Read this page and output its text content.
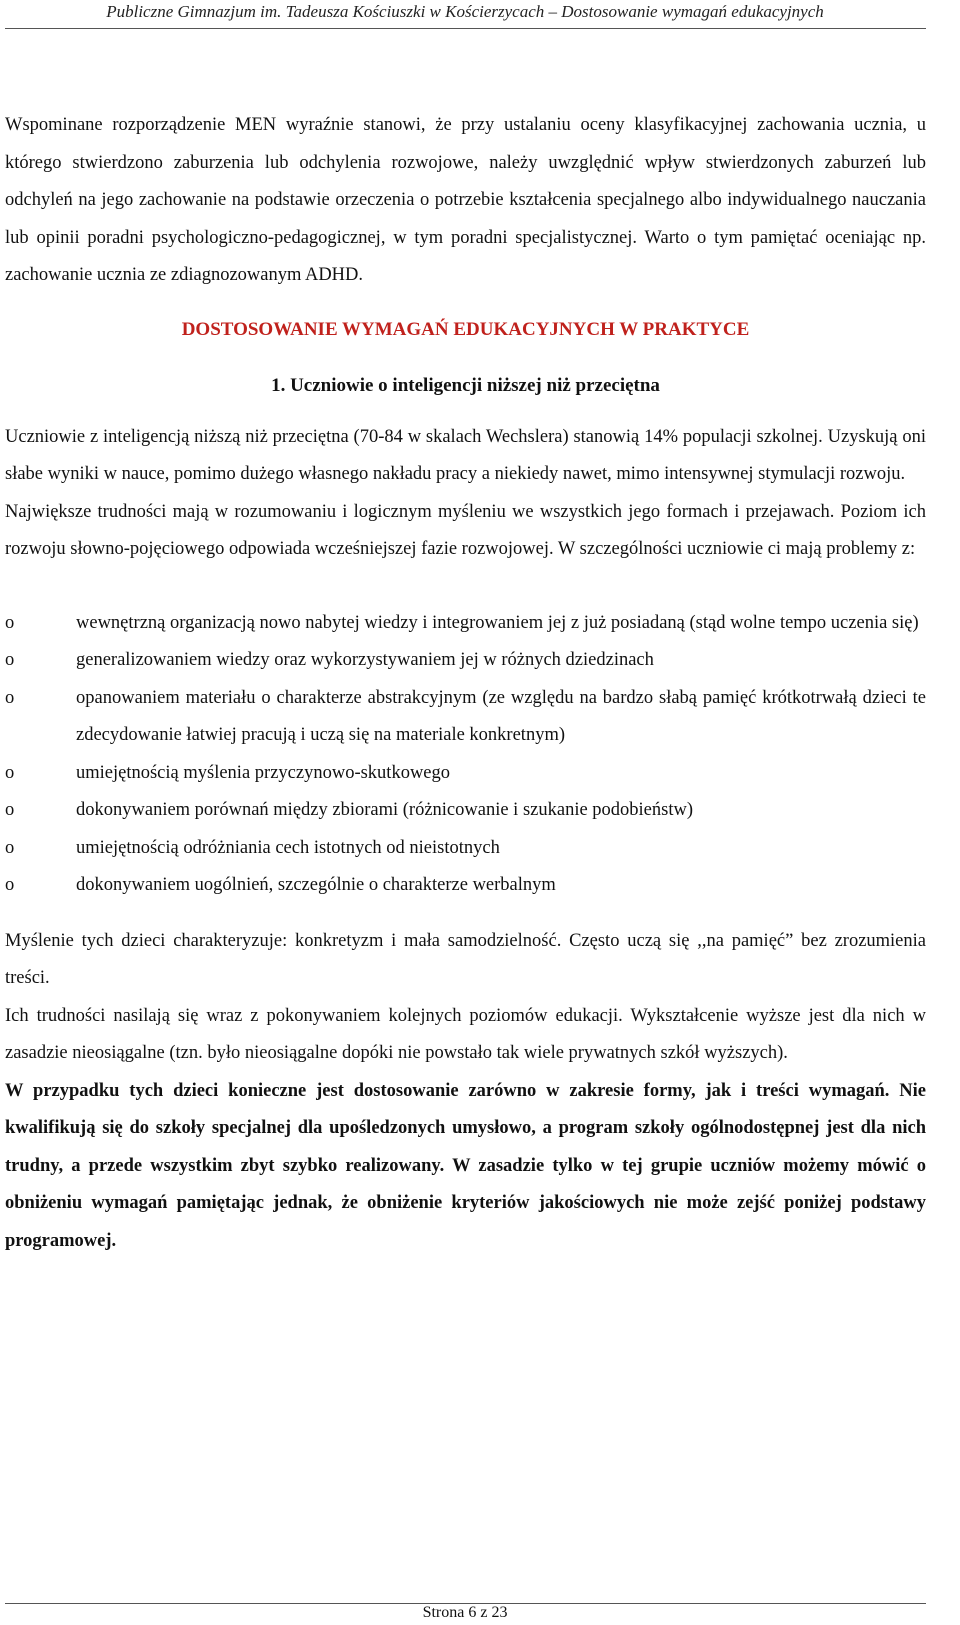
Publiczne Gimnazjum im. Tadeusza Kościuszki w Kościerzycach – Dostosowanie wymagań edukacyjnych

Wspominane rozporządzenie MEN wyraźnie stanowi, że przy ustalaniu oceny klasyfikacyjnej zachowania ucznia, u którego stwierdzono zaburzenia lub odchylenia rozwojowe, należy uwzględnić wpływ stwierdzonych zaburzeń lub odchyleń na jego zachowanie na podstawie orzeczenia o potrzebie kształcenia specjalnego albo indywidualnego nauczania lub opinii poradni psychologiczno-pedagogicznej, w tym poradni specjalistycznej. Warto o tym pamiętać oceniając np. zachowanie ucznia ze zdiagnozowanym ADHD.

DOSTOSOWANIE WYMAGAŃ EDUKACYJNYCH W PRAKTYCE
1. Uczniowie o inteligencji niższej niż przeciętna

Uczniowie z inteligencją niższą niż przeciętna (70-84 w skalach Wechslera) stanowią 14% populacji szkolnej. Uzyskują oni słabe wyniki w nauce, pomimo dużego własnego nakładu pracy a niekiedy nawet, mimo intensywnej stymulacji rozwoju.

Największe trudności mają w rozumowaniu i logicznym myśleniu we wszystkich jego formach i przejawach. Poziom ich rozwoju słowno-pojęciowego odpowiada wcześniejszej fazie rozwojowej. W szczególności uczniowie ci mają problemy z:

o	wewnętrzną organizacją nowo nabytej wiedzy i integrowaniem jej z już posiadaną (stąd wolne tempo uczenia się)
o	generalizowaniem wiedzy oraz wykorzystywaniem jej w różnych dziedzinach
o	opanowaniem materiału o charakterze abstrakcyjnym (ze względu na bardzo słabą pamięć krótkotrwałą dzieci te zdecydowanie łatwiej pracują i uczą się na materiale konkretnym)
o	umiejętnością myślenia przyczynowo-skutkowego
o	dokonywaniem porównań między zbiorami (różnicowanie i szukanie podobieństw)
o	umiejętnością odróżniania cech istotnych od nieistotnych
o	dokonywaniem uogólnień, szczególnie o charakterze werbalnym

Myślenie tych dzieci charakteryzuje: konkretyzm i mała samodzielność. Często uczą się ,,na pamięć” bez zrozumienia treści.

Ich trudności nasilają się wraz z pokonywaniem kolejnych poziomów edukacji. Wykształcenie wyższe jest dla nich w zasadzie nieosiągalne (tzn. było nieosiągalne dopóki nie powstało tak wiele prywatnych szkół wyższych).

W przypadku tych dzieci konieczne jest dostosowanie zarówno w zakresie formy, jak i treści wymagań. Nie kwalifikują się do szkoły specjalnej dla upośledzonych umysłowo, a program szkoły ogólnodostępnej jest dla nich trudny, a przede wszystkim zbyt szybko realizowany. W zasadzie tylko w tej grupie uczniów możemy mówić o obniżeniu wymagań pamiętając jednak, że obniżenie kryteriów jakościowych nie może zejść poniżej podstawy programowej.

Strona 6 z 23
